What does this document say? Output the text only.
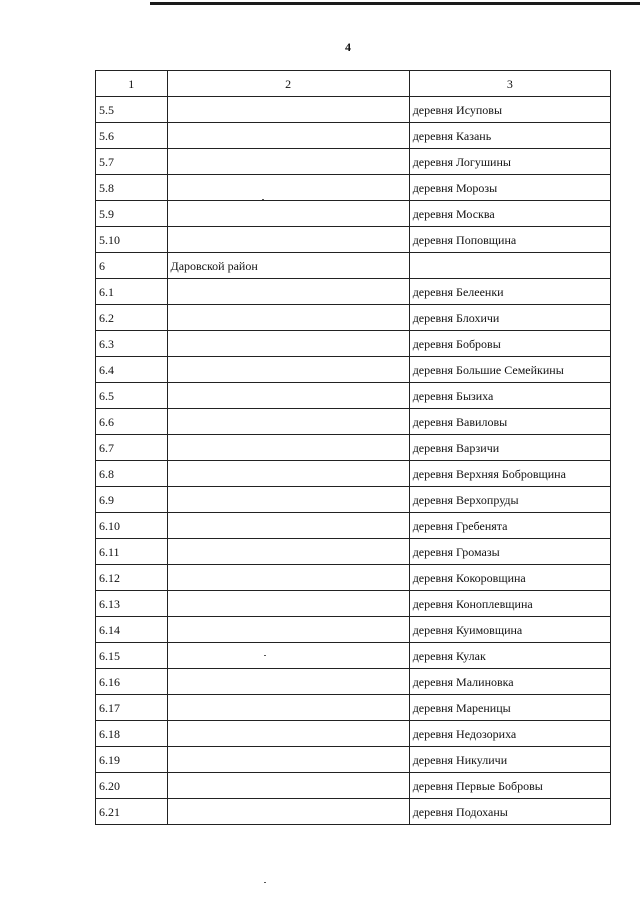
4
1	2	3
5.5		деревня Исуповы
5.6		деревня Казань
5.7		деревня Логушины
5.8		деревня Морозы
5.9		деревня Москва
5.10		деревня Поповщина
6	Даровской район	
6.1		деревня Белеенки
6.2		деревня Блохичи
6.3		деревня Бобровы
6.4		деревня Большие Семейкины
6.5		деревня Бызиха
6.6		деревня Вавиловы
6.7		деревня Варзичи
6.8		деревня Верхняя Бобровщина
6.9		деревня Верхопруды
6.10		деревня Гребенята
6.11		деревня Громазы
6.12		деревня Кокоровщина
6.13		деревня Коноплевщина
6.14		деревня Куимовщина
6.15		деревня Кулак
6.16		деревня Малиновка
6.17		деревня Мареницы
6.18		деревня Недозориха
6.19		деревня Никуличи
6.20		деревня Первые Бобровы
6.21		деревня Подоханы
